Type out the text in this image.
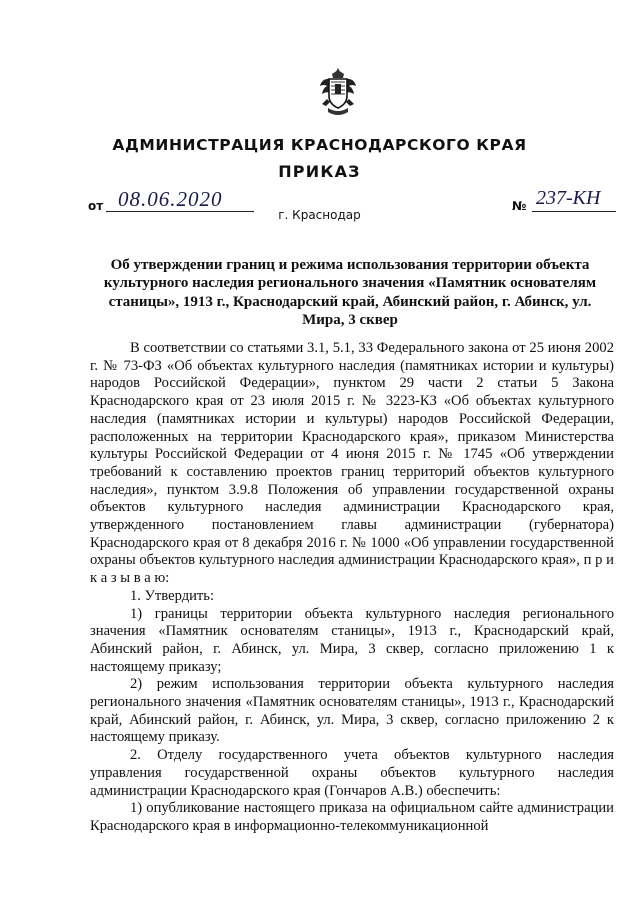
АДМИНИСТРАЦИЯ КРАСНОДАРСКОГО КРАЯ
ПРИКАЗ
от 08.06.2020	№ 237-КН
г. Краснодар
Об утверждении границ и режима использования территории объекта культурного наследия регионального значения «Памятник основателям станицы», 1913 г., Краснодарский край, Абинский район, г. Абинск, ул. Мира, 3 сквер

В соответствии со статьями 3.1, 5.1, 33 Федерального закона от 25 июня 2002 г. № 73-ФЗ «Об объектах культурного наследия (памятниках истории и культуры) народов Российской Федерации», пунктом 29 части 2 статьи 5 Закона Краснодарского края от 23 июля 2015 г. № 3223-КЗ «Об объектах культурного наследия (памятниках истории и культуры) народов Российской Федерации, расположенных на территории Краснодарского края», приказом Министерства культуры Российской Федерации от 4 июня 2015 г. № 1745 «Об утверждении требований к составлению проектов границ территорий объектов культурного наследия», пунктом 3.9.8 Положения об управлении государственной охраны объектов культурного наследия администрации Краснодарского края, утвержденного постановлением главы администрации (губернатора) Краснодарского края от 8 декабря 2016 г. № 1000 «Об управлении государственной охраны объектов культурного наследия администрации Краснодарского края», п р и к а з ы в а ю:

1. Утвердить:

1) границы территории объекта культурного наследия регионального значения «Памятник основателям станицы», 1913 г., Краснодарский край, Абинский район, г. Абинск, ул. Мира, 3 сквер, согласно приложению 1 к настоящему приказу;

2) режим использования территории объекта культурного наследия регионального значения «Памятник основателям станицы», 1913 г., Краснодарский край, Абинский район, г. Абинск, ул. Мира, 3 сквер, согласно приложению 2 к настоящему приказу.

2. Отделу государственного учета объектов культурного наследия управления государственной охраны объектов культурного наследия администрации Краснодарского края (Гончаров А.В.) обеспечить:

1) опубликование настоящего приказа на официальном сайте администрации Краснодарского края в информационно-телекоммуникационной
